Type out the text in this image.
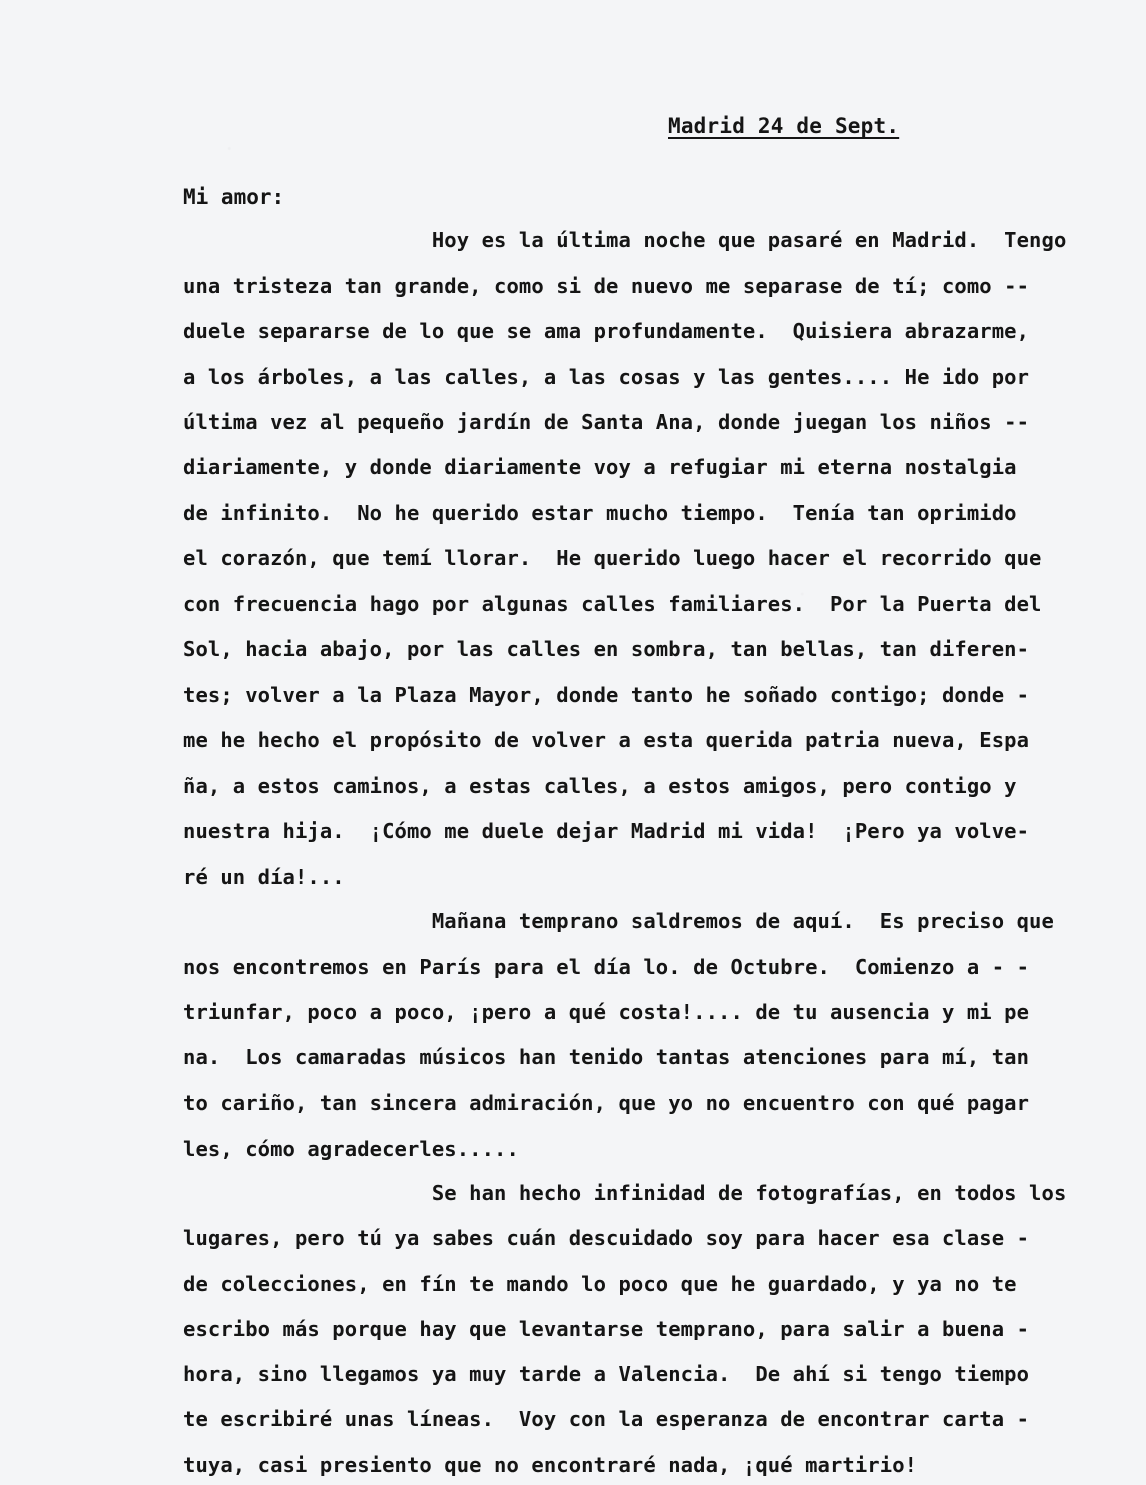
Madrid 24 de Sept.
Mi amor:
Hoy es la última noche que pasaré en Madrid.  Tengo
una tristeza tan grande, como si de nuevo me separase de tí; como --
duele separarse de lo que se ama profundamente.  Quisiera abrazarme,
a los árboles, a las calles, a las cosas y las gentes.... He ido por
última vez al pequeño jardín de Santa Ana, donde juegan los niños --
diariamente, y donde diariamente voy a refugiar mi eterna nostalgia
de infinito.  No he querido estar mucho tiempo.  Tenía tan oprimido
el corazón, que temí llorar.  He querido luego hacer el recorrido que
con frecuencia hago por algunas calles familiares.  Por la Puerta del
Sol, hacia abajo, por las calles en sombra, tan bellas, tan diferen-
tes; volver a la Plaza Mayor, donde tanto he soñado contigo; donde -
me he hecho el propósito de volver a esta querida patria nueva, Espa
ña, a estos caminos, a estas calles, a estos amigos, pero contigo y
nuestra hija.  ¡Cómo me duele dejar Madrid mi vida!  ¡Pero ya volve-
ré un día!...
Mañana temprano saldremos de aquí.  Es preciso que
nos encontremos en París para el día lo. de Octubre.  Comienzo a - -
triunfar, poco a poco, ¡pero a qué costa!.... de tu ausencia y mi pe
na.  Los camaradas músicos han tenido tantas atenciones para mí, tan
to cariño, tan sincera admiración, que yo no encuentro con qué pagar
les, cómo agradecerles.....
Se han hecho infinidad de fotografías, en todos los
lugares, pero tú ya sabes cuán descuidado soy para hacer esa clase -
de colecciones, en fín te mando lo poco que he guardado, y ya no te
escribo más porque hay que levantarse temprano, para salir a buena -
hora, sino llegamos ya muy tarde a Valencia.  De ahí si tengo tiempo
te escribiré unas líneas.  Voy con la esperanza de encontrar carta -
tuya, casi presiento que no encontraré nada, ¡qué martirio!
